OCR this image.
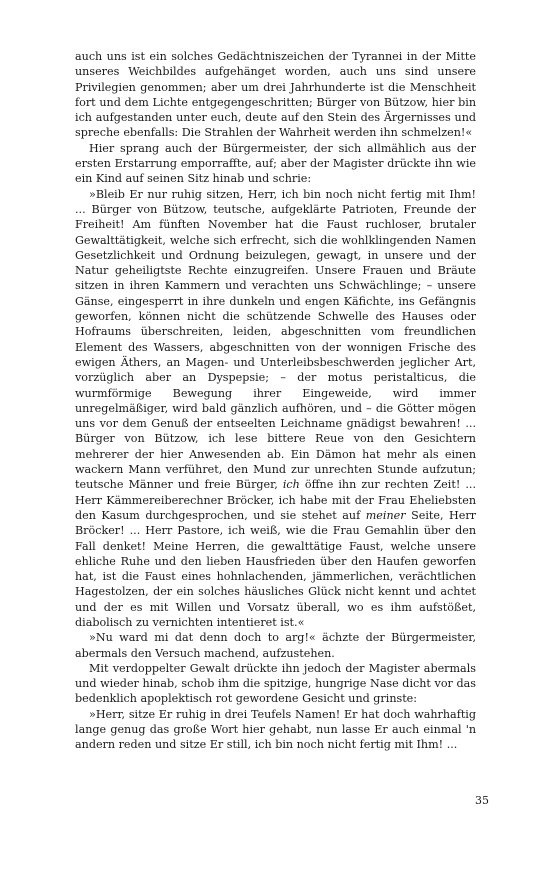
auch uns ist ein solches Gedächtniszeichen der Tyrannei in der Mitte unseres Weichbildes aufgehänget worden, auch uns sind unsere Privilegien genommen; aber um drei Jahrhunderte ist die Menschheit fort und dem Lichte entgegengeschritten; Bürger von Bützow, hier bin ich aufgestanden unter euch, deute auf den Stein des Ärgernisses und spreche ebenfalls: Die Strahlen der Wahrheit werden ihn schmelzen!«

Hier sprang auch der Bürgermeister, der sich allmählich aus der ersten Erstarrung emporraffte, auf; aber der Magister drückte ihn wie ein Kind auf seinen Sitz hinab und schrie:

»Bleib Er nur ruhig sitzen, Herr, ich bin noch nicht fertig mit Ihm! ... Bürger von Bützow, teutsche, aufgeklärte Patrioten, Freunde der Freiheit! Am fünften November hat die Faust ruchloser, brutaler Gewalttätigkeit, welche sich erfrecht, sich die wohlklingenden Namen Gesetzlichkeit und Ordnung beizulegen, gewagt, in unsere und der Natur geheiligtste Rechte einzugreifen. Unsere Frauen und Bräute sitzen in ihren Kammern und verachten uns Schwächlinge; – unsere Gänse, eingesperrt in ihre dunkeln und engen Käfichte, ins Gefängnis geworfen, können nicht die schützende Schwelle des Hauses oder Hofraums überschreiten, leiden, abgeschnitten vom freundlichen Element des Wassers, abgeschnitten von der wonnigen Frische des ewigen Äthers, an Magen- und Unterleibsbeschwerden jeglicher Art, vorzüglich aber an Dyspepsie; – der motus peristalticus, die wurmförmige Bewegung ihrer Eingeweide, wird immer unregelmäßiger, wird bald gänzlich aufhören, und – die Götter mögen uns vor dem Genuß der entseelten Leichname gnädigst bewahren! ... Bürger von Bützow, ich lese bittere Reue von den Gesichtern mehrerer der hier Anwesenden ab. Ein Dämon hat mehr als einen wackern Mann verführet, den Mund zur unrechten Stunde aufzutun; teutsche Männer und freie Bürger, ich öffne ihn zur rechten Zeit! ... Herr Kämmereiberechner Bröcker, ich habe mit der Frau Eheliebsten den Kasum durchgesprochen, und sie stehet auf meiner Seite, Herr Bröcker! ... Herr Pastore, ich weiß, wie die Frau Gemahlin über den Fall denket! Meine Herren, die gewalttätige Faust, welche unsere ehliche Ruhe und den lieben Hausfrieden über den Haufen geworfen hat, ist die Faust eines hohnlachenden, jämmerlichen, verächtlichen Hagestolzen, der ein solches häusliches Glück nicht kennt und achtet und der es mit Willen und Vorsatz überall, wo es ihm aufstößet, diabolisch zu vernichten intentieret ist.«

»Nu ward mi dat denn doch to arg!« ächzte der Bürgermeister, abermals den Versuch machend, aufzustehen.

Mit verdoppelter Gewalt drückte ihn jedoch der Magister abermals und wieder hinab, schob ihm die spitzige, hungrige Nase dicht vor das bedenklich apoplektisch rot gewordene Gesicht und grinste:

»Herr, sitze Er ruhig in drei Teufels Namen! Er hat doch wahrhaftig lange genug das große Wort hier gehabt, nun lasse Er auch einmal 'n andern reden und sitze Er still, ich bin noch nicht fertig mit Ihm! ...

35
